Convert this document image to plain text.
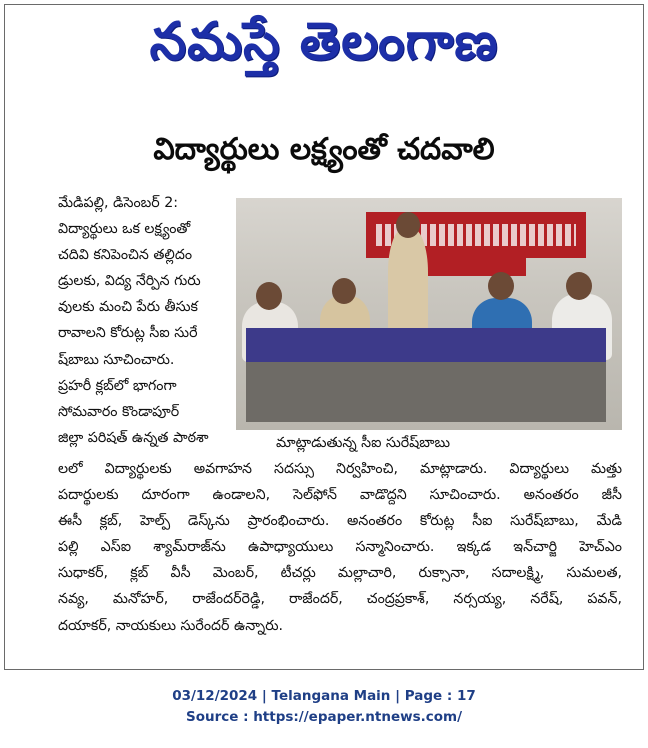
నమస్తే తెలంగాణ
విద్యార్థులు లక్ష్యంతో చదవాలి
మేడిపల్లి, డిసెంబర్ 2:
విద్యార్థులు ఒక లక్ష్యంతో
చదివి కనిపెంచిన తల్లిదం
డ్రులకు, విద్య నేర్పిన గురు
వులకు మంచి పేరు తీసుక
రావాలని కోరుట్ల సీఐ సురే
ష్‌బాబు సూచించారు.
ప్రహరీ క్లబ్‌లో భాగంగా
సోమవారం కొండాపూర్
జిల్లా పరిషత్ ఉన్నత పాఠశా	మాట్లాడుతున్న సీఐ సురేష్‌బాబు
లలో విద్యార్థులకు అవగాహన సదస్సు నిర్వహించి, మాట్లాడారు. విద్యార్థులు మత్తు
పదార్థులకు దూరంగా ఉండాలని, సెల్‌ఫోన్ వాడొద్దని సూచించారు. అనంతరం జీసీ
ఈసీ క్లబ్, హెల్ప్ డెస్క్‌ను ప్రారంభించారు. అనంతరం కోరుట్ల సీఐ సురేష్‌బాబు, మేడి
పల్లి ఎస్ఐ శ్యామ్‌రాజ్‌ను ఉపాధ్యాయులు సన్మానించారు. ఇక్కడ ఇన్‌చార్జి హెచ్‌ఎం
సుధాకర్, క్లబ్ వీసీ మెంబర్, టీచర్లు మల్లాచారి, రుక్సానా, సదాలక్ష్మి, సుమలత,
నవ్య, మనోహర్, రాజేందర్‌రెడ్డి, రాజేందర్, చంద్రప్రకాశ్, నర్సయ్య, నరేష్, పవన్,
దయాకర్, నాయకులు సురేందర్ ఉన్నారు.
03/12/2024 | Telangana Main | Page : 17
Source : https://epaper.ntnews.com/
